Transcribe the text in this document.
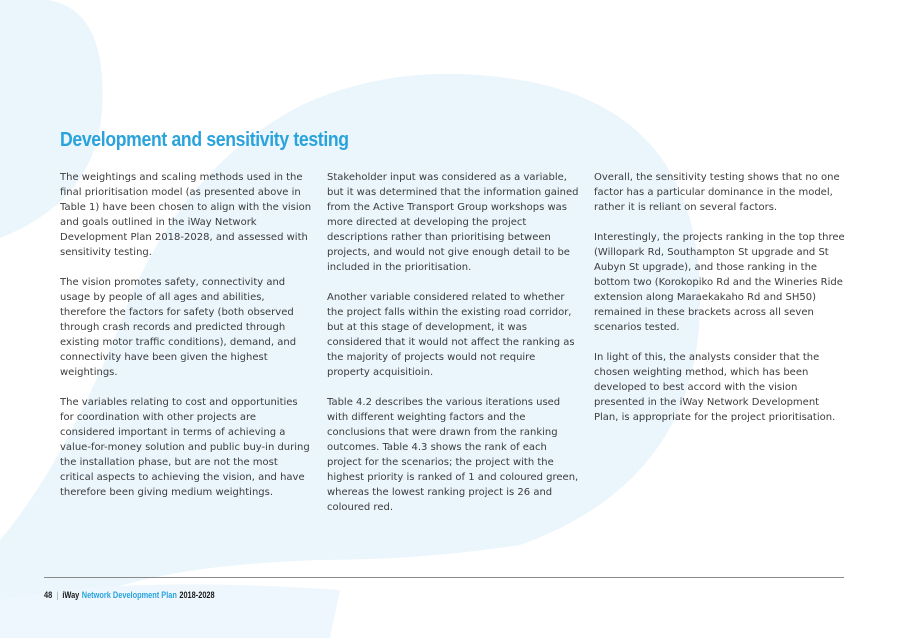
Development and sensitivity testing

The weightings and scaling methods used in the final prioritisation model (as presented above in Table 1) have been chosen to align with the vision and goals outlined in the iWay Network Development Plan 2018-2028, and assessed with sensitivity testing.

The vision promotes safety, connectivity and usage by people of all ages and abilities, therefore the factors for safety (both observed through crash records and predicted through existing motor traffic conditions), demand, and connectivity have been given the highest weightings.

The variables relating to cost and opportunities for coordination with other projects are considered important in terms of achieving a value-for-money solution and public buy-in during the installation phase, but are not the most critical aspects to achieving the vision, and have therefore been giving medium weightings.

Stakeholder input was considered as a variable, but it was determined that the information gained from the Active Transport Group workshops was more directed at developing the project descriptions rather than prioritising between projects, and would not give enough detail to be included in the prioritisation.

Another variable considered related to whether the project falls within the existing road corridor, but at this stage of development, it was considered that it would not affect the ranking as the majority of projects would not require property acquisitioin.

Table 4.2 describes the various iterations used with different weighting factors and the conclusions that were drawn from the ranking outcomes. Table 4.3 shows the rank of each project for the scenarios; the project with the highest priority is ranked of 1 and coloured green, whereas the lowest ranking project is 26 and coloured red.

Overall, the sensitivity testing shows that no one factor has a particular dominance in the model, rather it is reliant on several factors.

Interestingly, the projects ranking in the top three (Willopark Rd, Southampton St upgrade and St Aubyn St upgrade), and those ranking in the bottom two (Korokopiko Rd and the Wineries Ride extension along Maraekakaho Rd and SH50) remained in these brackets across all seven scenarios tested.

In light of this, the analysts consider that the chosen weighting method, which has been developed to best accord with the vision presented in the iWay Network Development Plan, is appropriate for the project prioritisation.

48 | iWay Network Development Plan 2018-2028
